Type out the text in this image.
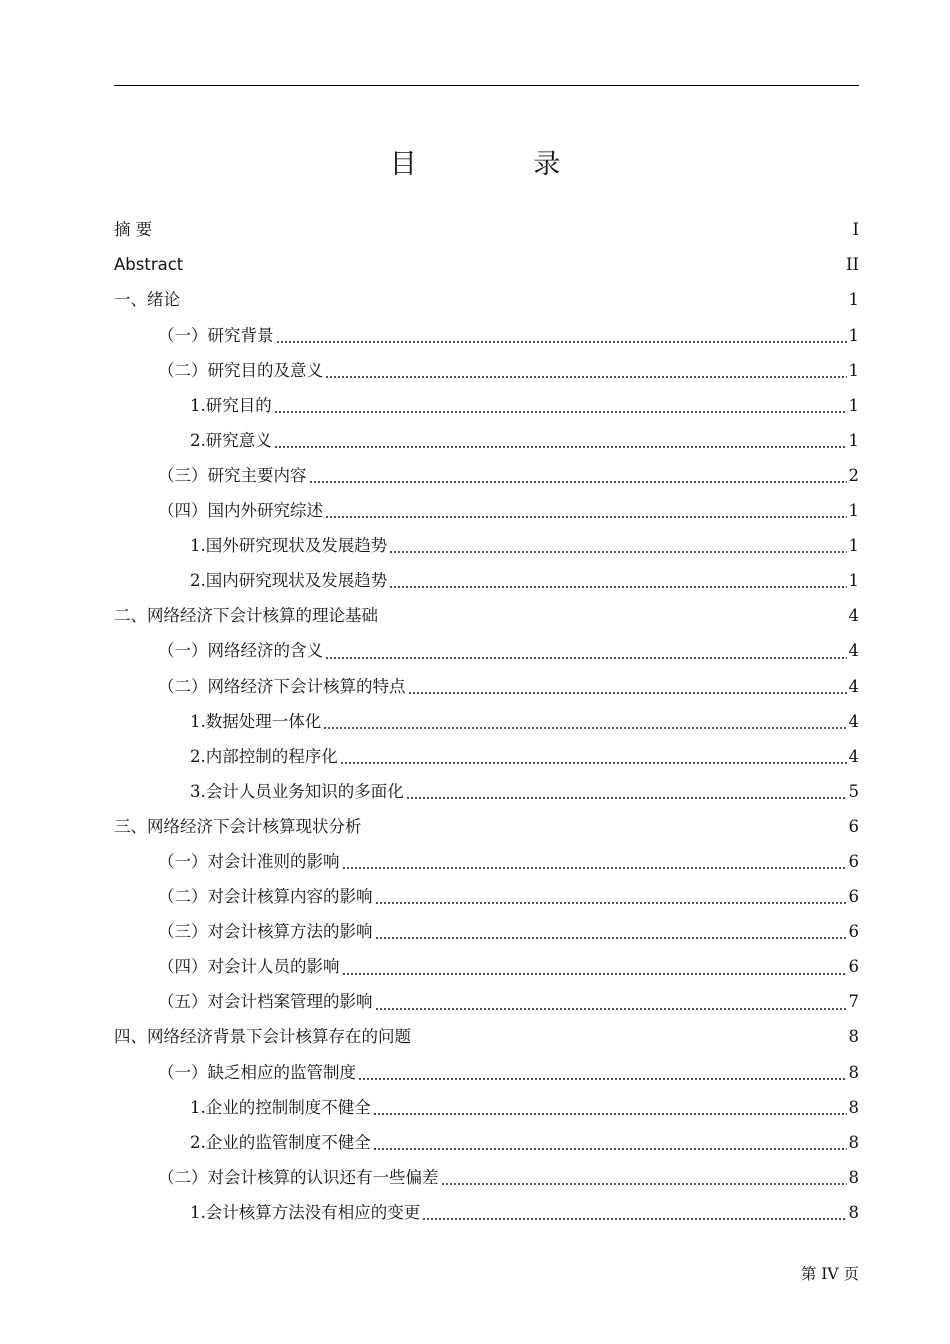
目 录
摘 要	I
Abstract	II
一、绪论	1
（一）研究背景	1
（二）研究目的及意义	1
1.研究目的	1
2.研究意义	1
（三）研究主要内容	2
（四）国内外研究综述	1
1.国外研究现状及发展趋势	1
2.国内研究现状及发展趋势	1
二、网络经济下会计核算的理论基础	4
（一）网络经济的含义	4
（二）网络经济下会计核算的特点	4
1.数据处理一体化	4
2.内部控制的程序化	4
3.会计人员业务知识的多面化	5
三、网络经济下会计核算现状分析	6
（一）对会计准则的影响	6
（二）对会计核算内容的影响	6
（三）对会计核算方法的影响	6
（四）对会计人员的影响	6
（五）对会计档案管理的影响	7
四、网络经济背景下会计核算存在的问题	8
（一）缺乏相应的监管制度	8
1.企业的控制制度不健全	8
2.企业的监管制度不健全	8
（二）对会计核算的认识还有一些偏差	8
1.会计核算方法没有相应的变更	8
第 IV 页
